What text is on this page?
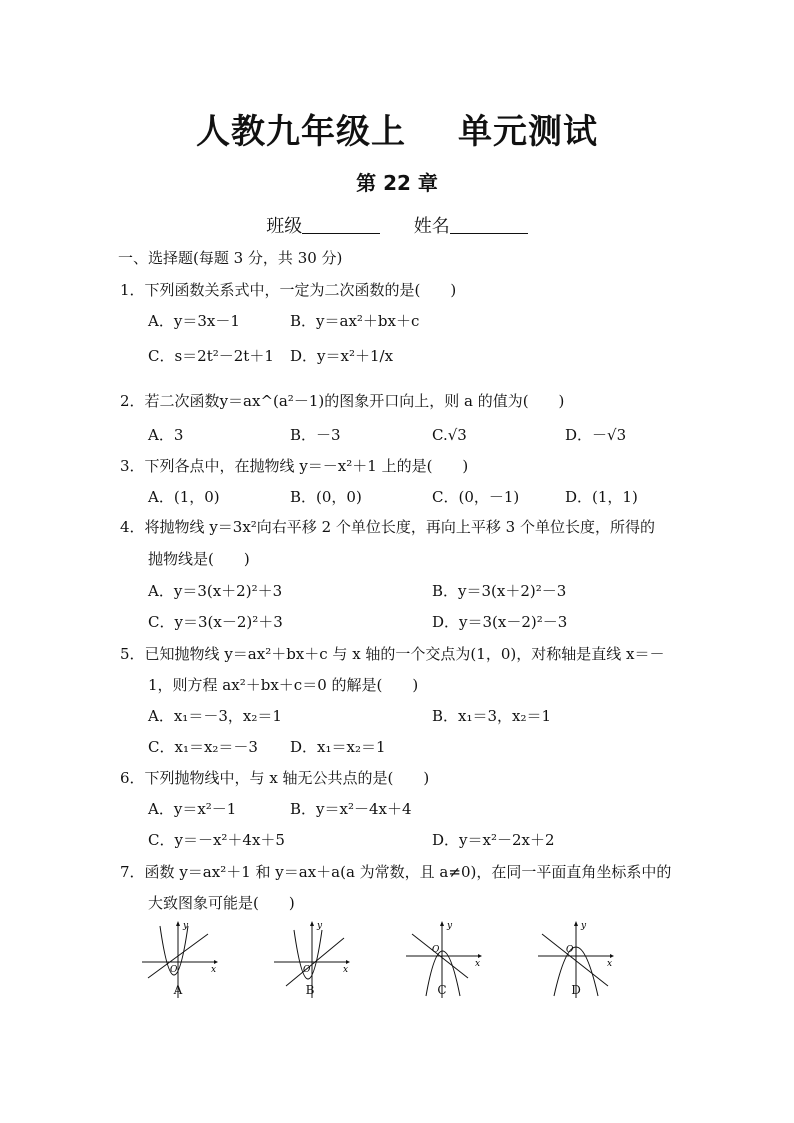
人教九年级上 单元测试
第 22 章
班级	姓名
一、选择题(每题 3 分，共 30 分)
1．下列函数关系式中，一定为二次函数的是(　　)
A．y＝3x－1	B．y＝ax²＋bx＋c
C．s＝2t²－2t＋1 D．y＝x²＋1/x
2．若二次函数y＝ax^(a²－1)的图象开口向上，则 a 的值为(　　)
A．3	B．－3	C.√3	D．－√3
3．下列各点中，在抛物线 y＝－x²＋1 上的是(　　)
A．(1，0)	B．(0，0)	C．(0，－1)	D．(1，1)
4．将抛物线 y＝3x²向右平移 2 个单位长度，再向上平移 3 个单位长度，所得的
抛物线是(　　)
A．y＝3(x＋2)²＋3	B．y＝3(x＋2)²－3
C．y＝3(x－2)²＋3	D．y＝3(x－2)²－3
5．已知抛物线 y＝ax²＋bx＋c 与 x 轴的一个交点为(1，0)，对称轴是直线 x＝－
1，则方程 ax²＋bx＋c＝0 的解是(　　)
A．x₁＝－3，x₂＝1	B．x₁＝3，x₂＝1
C．x₁＝x₂＝－3 D．x₁＝x₂＝1
6．下列抛物线中，与 x 轴无公共点的是(　　)
A．y＝x²－1	B．y＝x²－4x＋4
C．y＝－x²＋4x＋5	D．y＝x²－2x＋2
7．函数 y＝ax²＋1 和 y＝ax＋a(a 为常数，且 a≠0)，在同一平面直角坐标系中的
大致图象可能是(　　)
y
x
O
A
y
x
O
B
y
x
O
C
y
x
O
D
